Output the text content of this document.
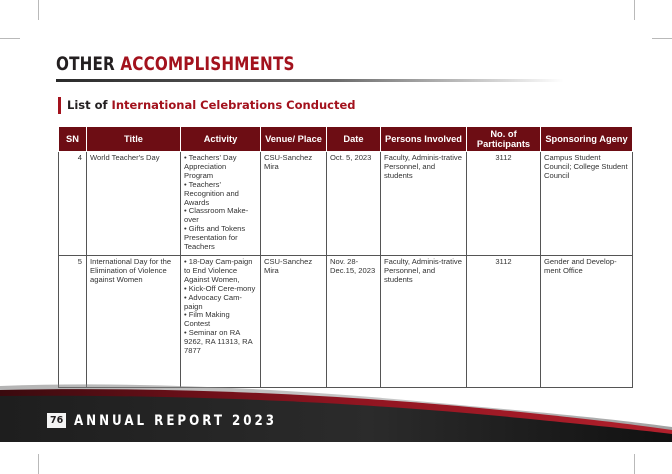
OTHER ACCOMPLISHMENTS
List of International Celebrations Conducted
SN	Title	Activity	Venue/ Place	Date	Persons Involved	No. of Participants	Sponsoring Ageny
4	World Teacher's Day	• Teachers' Day Appreciation Program
• Teachers' Recognition and Awards
• Classroom Make-over
• Gifts and Tokens Presentation for Teachers	CSU-Sanchez Mira	Oct. 5, 2023	Faculty, Adminis-trative Personnel, and students	3112	Campus Student Council; College Student Council
5	International Day for the Elimination of Violence against Women	• 18-Day Cam-paign to End Violence Against Women,
• Kick-Off Cere-mony
• Advocacy Cam-paign
• Film Making Contest
• Seminar on RA 9262, RA 11313, RA 7877	CSU-Sanchez Mira	Nov. 28-Dec.15, 2023	Faculty, Adminis-trative Personnel, and students	3112	Gender and Develop-ment Office
76 ANNUAL REPORT 2023
